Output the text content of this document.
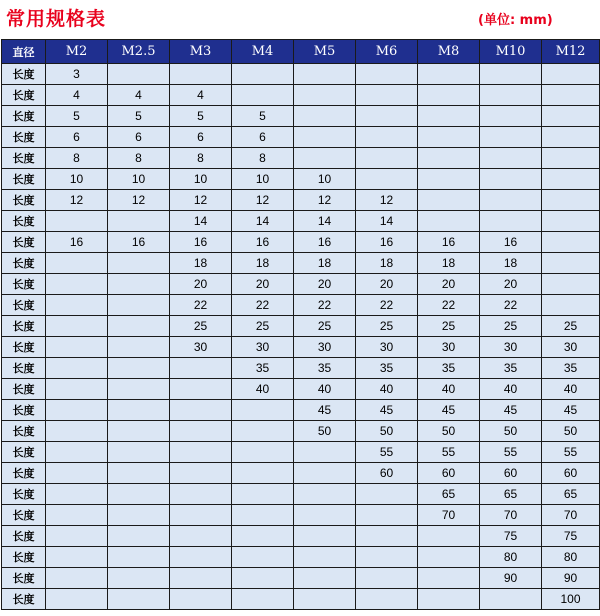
常用规格表	(单位: mm)
直径	M2	M2.5	M3	M4	M5	M6	M8	M10	M12
长度	3								
长度	4	4	4						
长度	5	5	5	5					
长度	6	6	6	6					
长度	8	8	8	8					
长度	10	10	10	10	10				
长度	12	12	12	12	12	12			
长度			14	14	14	14			
长度	16	16	16	16	16	16	16	16	
长度			18	18	18	18	18	18	
长度			20	20	20	20	20	20	
长度			22	22	22	22	22	22	
长度			25	25	25	25	25	25	25
长度			30	30	30	30	30	30	30
长度				35	35	35	35	35	35
长度				40	40	40	40	40	40
长度					45	45	45	45	45
长度					50	50	50	50	50
长度						55	55	55	55
长度						60	60	60	60
长度							65	65	65
长度							70	70	70
长度								75	75
长度								80	80
长度								90	90
长度									100
